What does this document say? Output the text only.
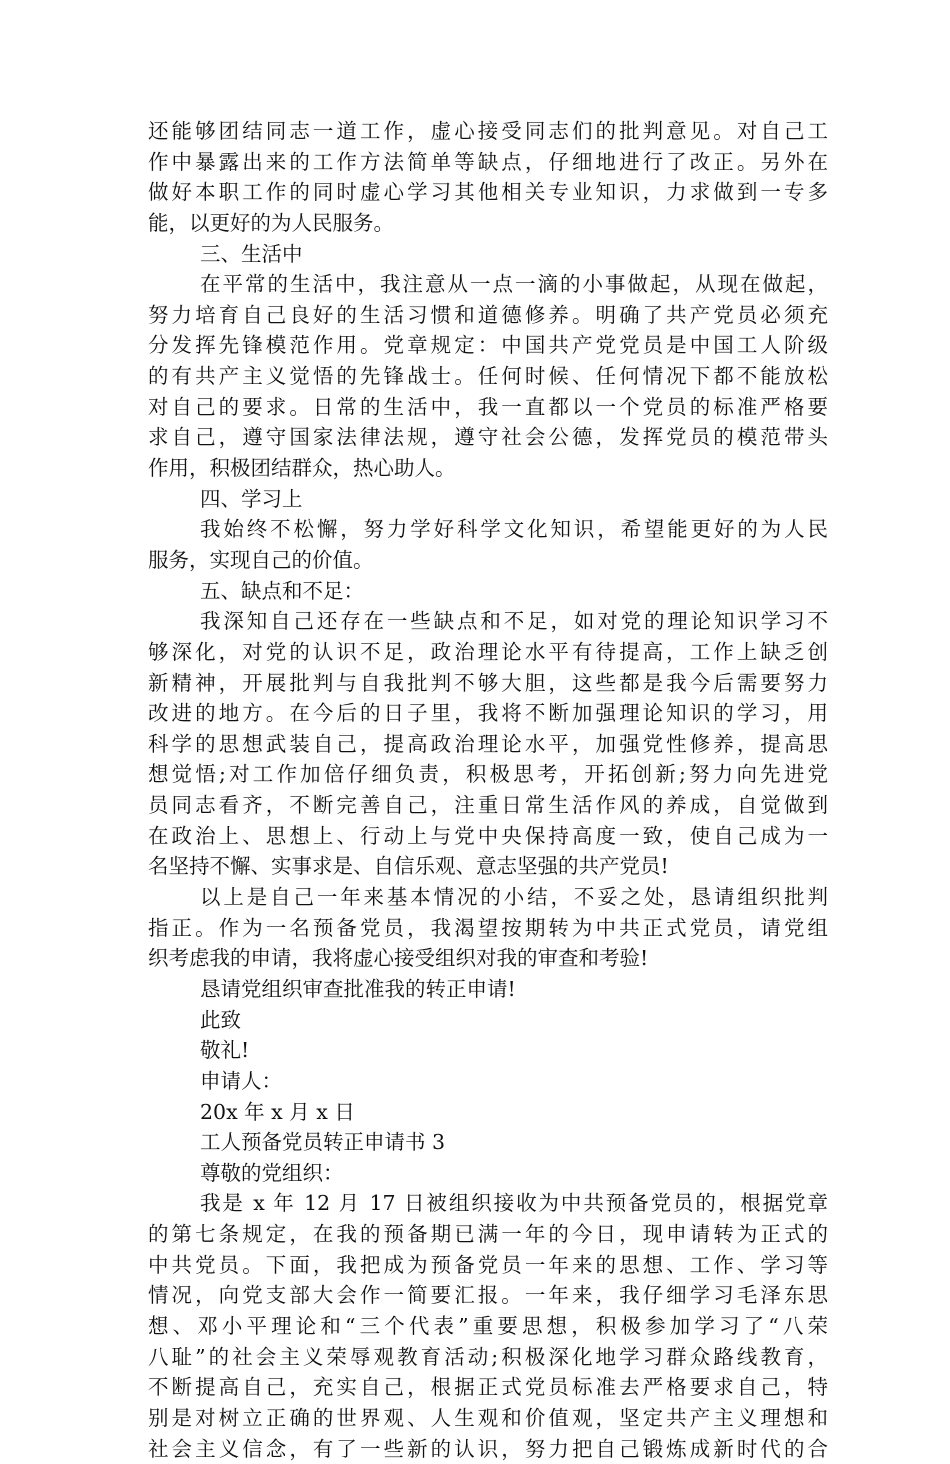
还能够团结同志一道工作，虚心接受同志们的批判意见。对自己工
作中暴露出来的工作方法简单等缺点，仔细地进行了改正。另外在
做好本职工作的同时虚心学习其他相关专业知识，力求做到一专多
能，以更好的为人民服务。
三、生活中
在平常的生活中，我注意从一点一滴的小事做起，从现在做起，
努力培育自己良好的生活习惯和道德修养。明确了共产党员必须充
分发挥先锋模范作用。党章规定：中国共产党党员是中国工人阶级
的有共产主义觉悟的先锋战士。任何时候、任何情况下都不能放松
对自己的要求。日常的生活中，我一直都以一个党员的标准严格要
求自己，遵守国家法律法规，遵守社会公德，发挥党员的模范带头
作用，积极团结群众，热心助人。
四、学习上
我始终不松懈，努力学好科学文化知识，希望能更好的为人民
服务，实现自己的价值。
五、缺点和不足：
我深知自己还存在一些缺点和不足，如对党的理论知识学习不
够深化，对党的认识不足，政治理论水平有待提高，工作上缺乏创
新精神，开展批判与自我批判不够大胆，这些都是我今后需要努力
改进的地方。在今后的日子里，我将不断加强理论知识的学习，用
科学的思想武装自己，提高政治理论水平，加强党性修养，提高思
想觉悟;对工作加倍仔细负责，积极思考，开拓创新;努力向先进党
员同志看齐，不断完善自己，注重日常生活作风的养成，自觉做到
在政治上、思想上、行动上与党中央保持高度一致，使自己成为一
名坚持不懈、实事求是、自信乐观、意志坚强的共产党员!
以上是自己一年来基本情况的小结，不妥之处，恳请组织批判
指正。作为一名预备党员，我渴望按期转为中共正式党员，请党组
织考虑我的申请，我将虚心接受组织对我的审查和考验!
恳请党组织审查批准我的转正申请!
此致
敬礼!
申请人：
20x 年 x 月 x 日
工人预备党员转正申请书 3
尊敬的党组织：
我是 x 年 12 月 17 日被组织接收为中共预备党员的，根据党章
的第七条规定，在我的预备期已满一年的今日，现申请转为正式的
中共党员。下面，我把成为预备党员一年来的思想、工作、学习等
情况，向党支部大会作一简要汇报。一年来，我仔细学习毛泽东思
想、邓小平理论和“三个代表”重要思想，积极参加学习了“八荣
八耻”的社会主义荣辱观教育活动;积极深化地学习群众路线教育，
不断提高自己，充实自己，根据正式党员标准去严格要求自己，特
别是对树立正确的世界观、人生观和价值观，坚定共产主义理想和
社会主义信念，有了一些新的认识，努力把自己锻炼成新时代的合
